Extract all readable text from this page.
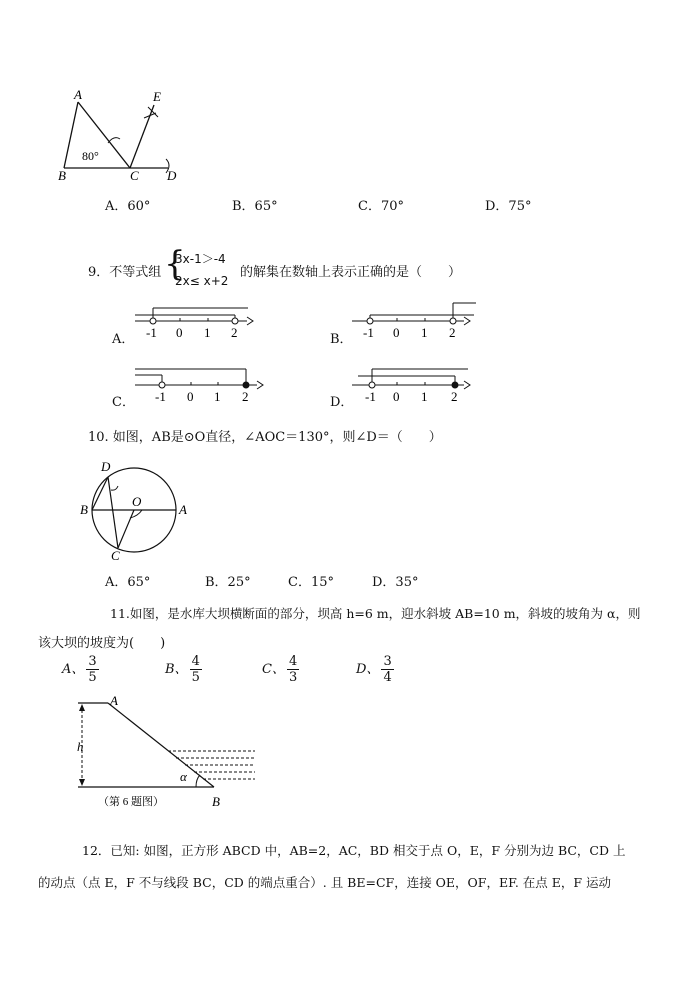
A	E
B	C D
80°
A．60°	B．65°	C．70°	D．75°
9．不等式组 {
3x-1＞-4
2x≤ x+2
的解集在数轴上表示正确的是（　　）
A．	B．
C．	D．
-1 0 1 2	-1 0 1 2
-1 0 1 2	-1 0 1 2
10. 如图，AB是⊙O直径，∠AOC＝130°，则∠D＝（　　）
D
B
O
A
C
A．65°	B．25°	C．15°	D．35°
11.如图，是水库大坝横断面的部分，坝高 h=6 m，迎水斜坡 AB=10 m，斜坡的坡角为 α，则
该大坝的坡度为(　　)
A、 $\frac{3}{5}$	B、 $\frac{4}{5}$	C、 $\frac{4}{3}$	D、 $\frac{3}{4}$
A
h
α
B
（第 6 题图）
12．已知: 如图，正方形 ABCD 中，AB=2，AC，BD 相交于点 O，E，F 分别为边 BC，CD 上
的动点（点 E，F 不与线段 BC，CD 的端点重合）. 且 BE=CF，连接 OE，OF，EF. 在点 E，F 运动
